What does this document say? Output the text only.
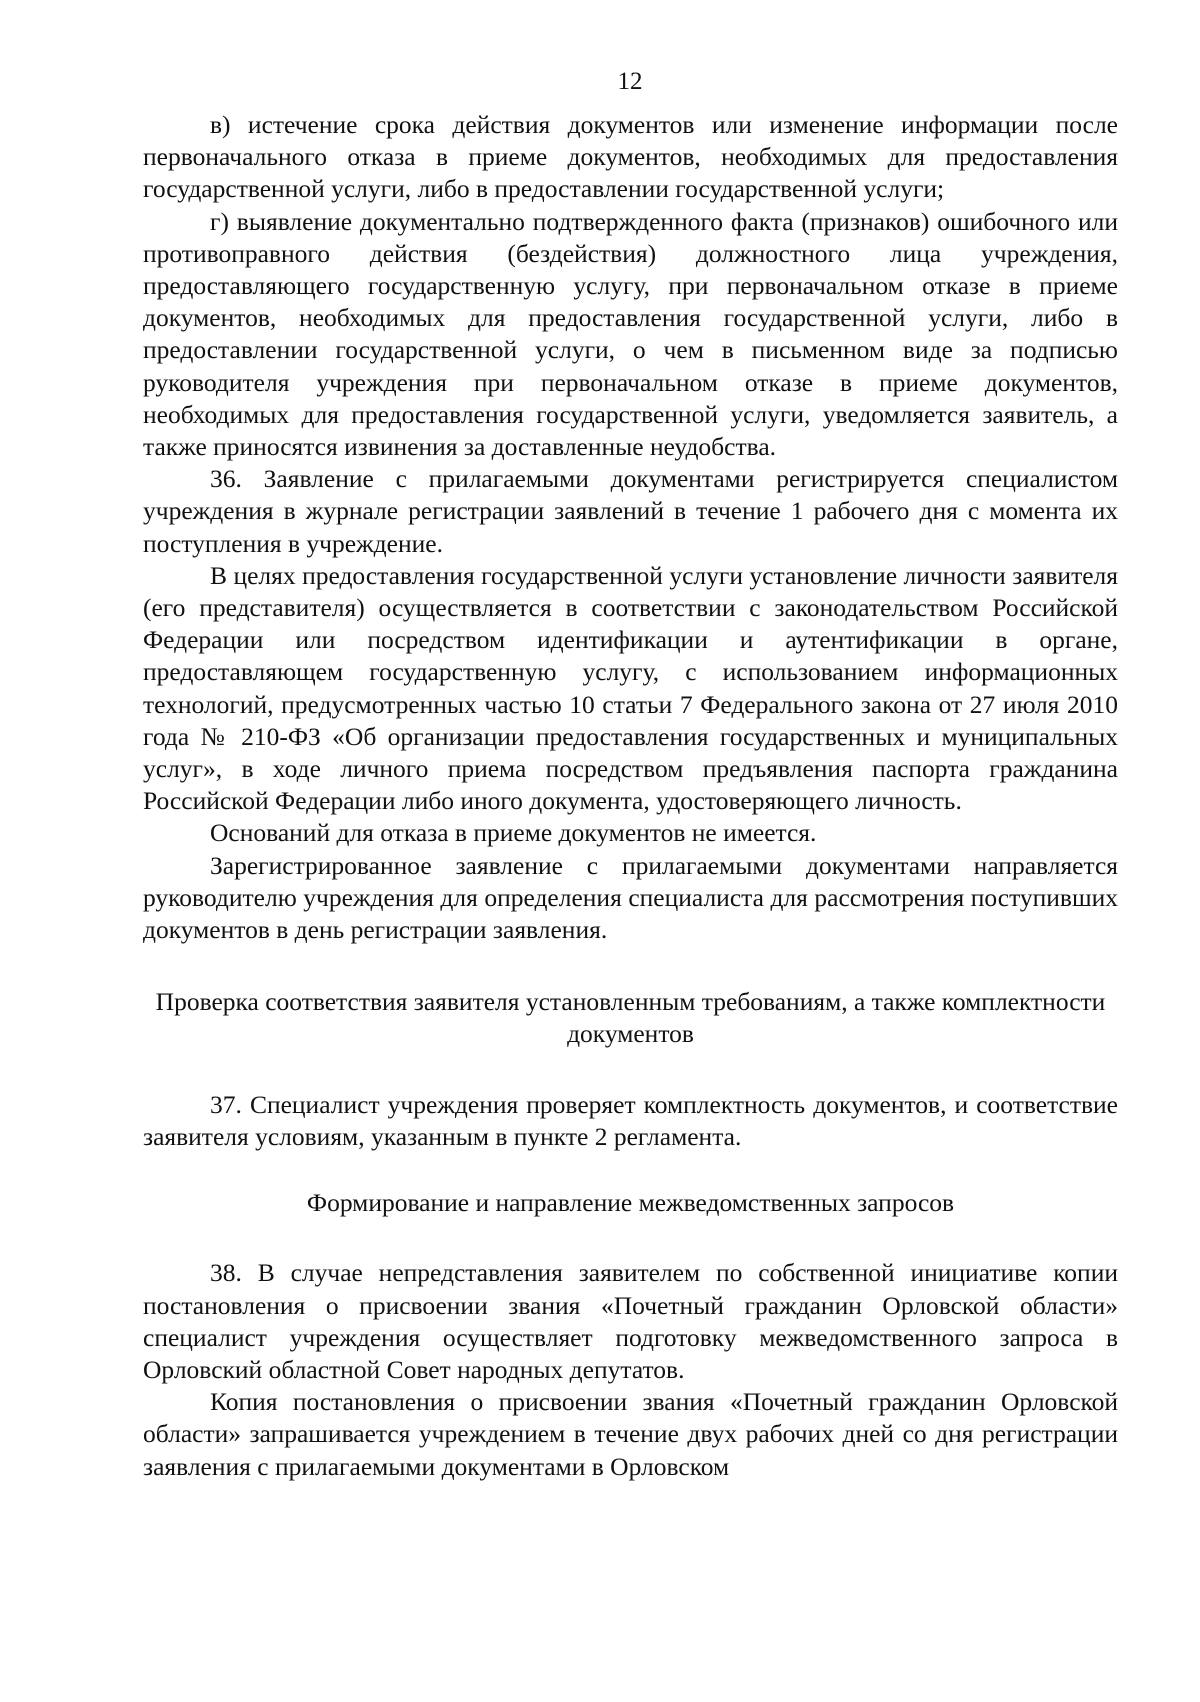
12

в) истечение срока действия документов или изменение информации после первоначального отказа в приеме документов, необходимых для предоставления государственной услуги, либо в предоставлении государственной услуги;

г) выявление документально подтвержденного факта (признаков) ошибочного или противоправного действия (бездействия) должностного лица учреждения, предоставляющего государственную услугу, при первоначальном отказе в приеме документов, необходимых для предоставления государственной услуги, либо в предоставлении государственной услуги, о чем в письменном виде за подписью руководителя учреждения при первоначальном отказе в приеме документов, необходимых для предоставления государственной услуги, уведомляется заявитель, а также приносятся извинения за доставленные неудобства.

36. Заявление с прилагаемыми документами регистрируется специалистом учреждения в журнале регистрации заявлений в течение 1 рабочего дня с момента их поступления в учреждение.

В целях предоставления государственной услуги установление личности заявителя (его представителя) осуществляется в соответствии с законодательством Российской Федерации или посредством идентификации и аутентификации в органе, предоставляющем государственную услугу, с использованием информационных технологий, предусмотренных частью 10 статьи 7 Федерального закона от 27 июля 2010 года № 210-ФЗ «Об организации предоставления государственных и муниципальных услуг», в ходе личного приема посредством предъявления паспорта гражданина Российской Федерации либо иного документа, удостоверяющего личность.

Оснований для отказа в приеме документов не имеется.

Зарегистрированное заявление с прилагаемыми документами направляется руководителю учреждения для определения специалиста для рассмотрения поступивших документов в день регистрации заявления.

Проверка соответствия заявителя установленным требованиям, а также комплектности документов

37. Специалист учреждения проверяет комплектность документов, и соответствие заявителя условиям, указанным в пункте 2 регламента.

Формирование и направление межведомственных запросов

38. В случае непредставления заявителем по собственной инициативе копии постановления о присвоении звания «Почетный гражданин Орловской области» специалист учреждения осуществляет подготовку межведомственного запроса в Орловский областной Совет народных депутатов.

Копия постановления о присвоении звания «Почетный гражданин Орловской области» запрашивается учреждением в течение двух рабочих дней со дня регистрации заявления с прилагаемыми документами в Орловском
